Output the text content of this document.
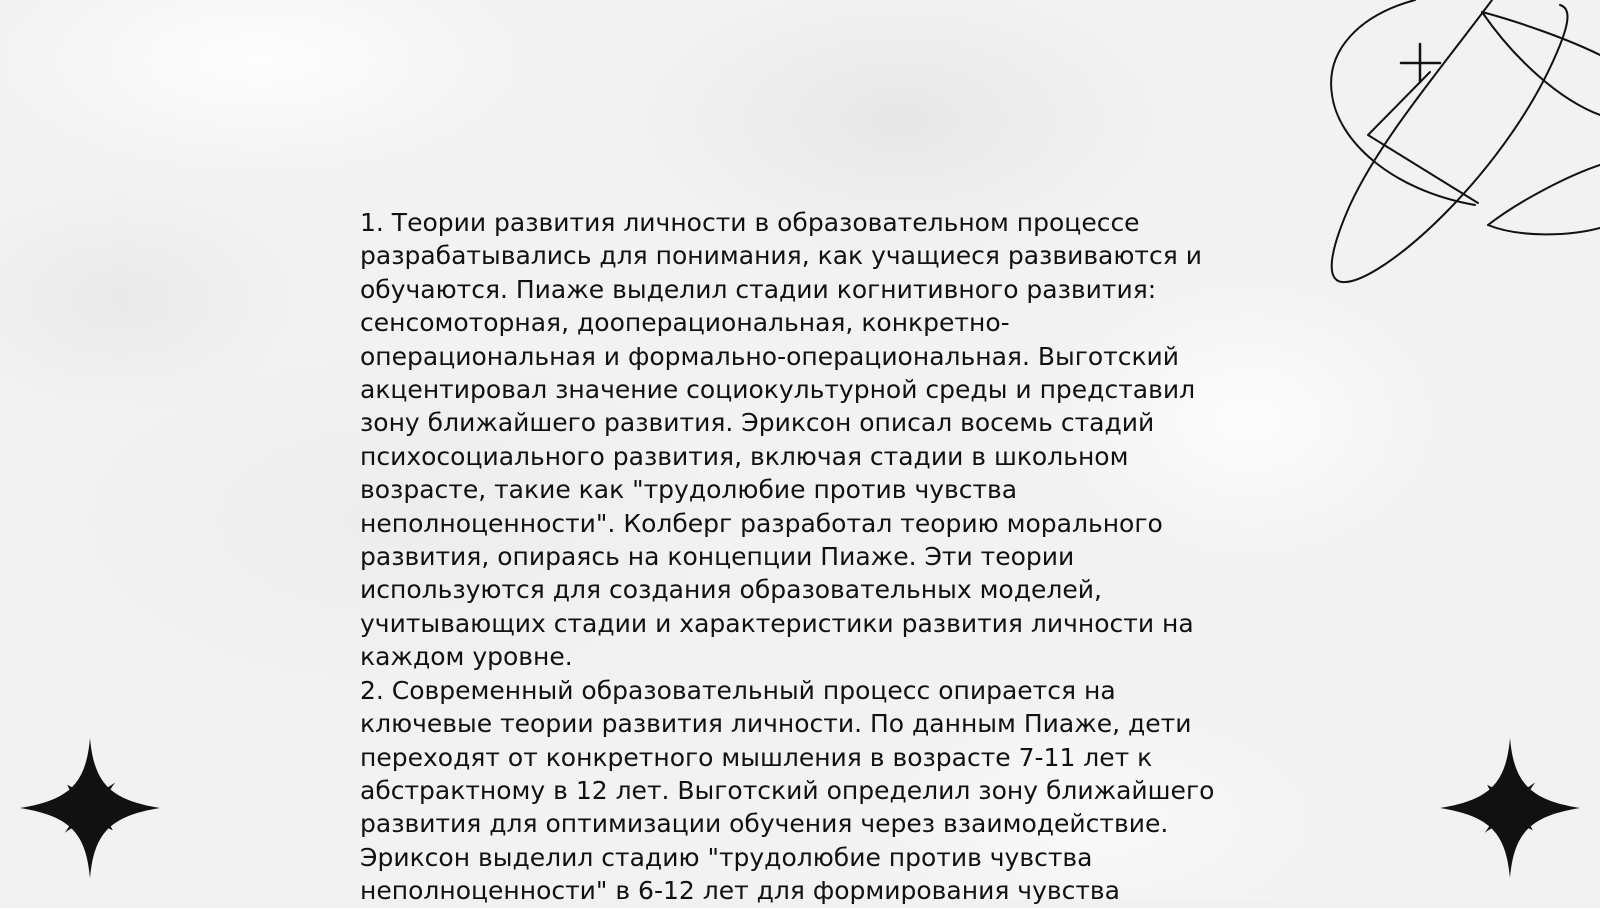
1. Теории развития личности в образовательном процессе разрабатывались для понимания, как учащиеся развиваются и обучаются. Пиаже выделил стадии когнитивного развития: сенсомоторная, дооперациональная, конкретно-операциональная и формально-операциональная. Выготский акцентировал значение социокультурной среды и представил зону ближайшего развития. Эриксон описал восемь стадий психосоциального развития, включая стадии в школьном возрасте, такие как "трудолюбие против чувства неполноценности". Колберг разработал теорию морального развития, опираясь на концепции Пиаже. Эти теории используются для создания образовательных моделей, учитывающих стадии и характеристики развития личности на каждом уровне.

2. Современный образовательный процесс опирается на ключевые теории развития личности. По данным Пиаже, дети переходят от конкретного мышления в возрасте 7-11 лет к абстрактному в 12 лет. Выготский определил зону ближайшего развития для оптимизации обучения через взаимодействие. Эриксон выделил стадию "трудолюбие против чувства неполноценности" в 6-12 лет для формирования чувства
